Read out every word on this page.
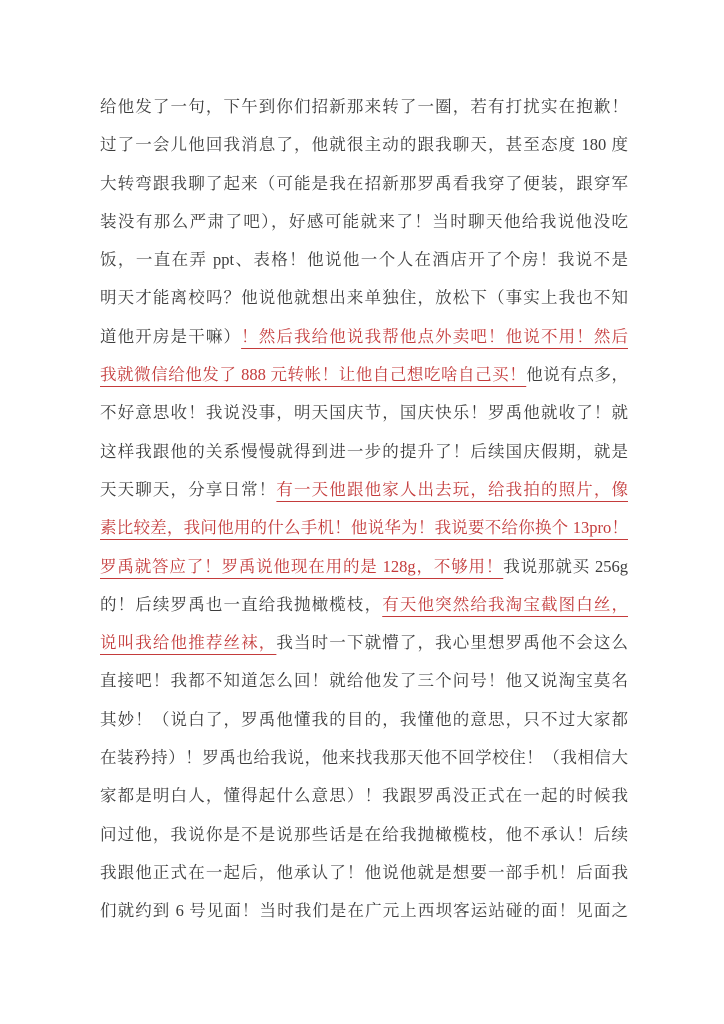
给他发了一句，下午到你们招新那来转了一圈，若有打扰实在抱歉！
过了一会儿他回我消息了，他就很主动的跟我聊天，甚至态度 180 度
大转弯跟我聊了起来（可能是我在招新那罗禹看我穿了便装，跟穿军
装没有那么严肃了吧），好感可能就来了！当时聊天他给我说他没吃
饭，一直在弄 ppt、表格！他说他一个人在酒店开了个房！我说不是
明天才能离校吗？他说他就想出来单独住，放松下（事实上我也不知
道他开房是干嘛）！然后我给他说我帮他点外卖吧！他说不用！然后
我就微信给他发了 888 元转帐！让他自己想吃啥自己买！他说有点多，
不好意思收！我说没事，明天国庆节，国庆快乐！罗禹他就收了！就
这样我跟他的关系慢慢就得到进一步的提升了！后续国庆假期，就是
天天聊天，分享日常！有一天他跟他家人出去玩，给我拍的照片，像
素比较差，我问他用的什么手机！他说华为！我说要不给你换个 13pro！
罗禹就答应了！罗禹说他现在用的是 128g，不够用！我说那就买 256g
的！后续罗禹也一直给我抛橄榄枝，有天他突然给我淘宝截图白丝，
说叫我给他推荐丝袜，我当时一下就懵了，我心里想罗禹他不会这么
直接吧！我都不知道怎么回！就给他发了三个问号！他又说淘宝莫名
其妙！（说白了，罗禹他懂我的目的，我懂他的意思，只不过大家都
在装矜持）！罗禹也给我说，他来找我那天他不回学校住！（我相信大
家都是明白人，懂得起什么意思）！我跟罗禹没正式在一起的时候我
问过他，我说你是不是说那些话是在给我抛橄榄枝，他不承认！后续
我跟他正式在一起后，他承认了！他说他就是想要一部手机！后面我
们就约到 6 号见面！当时我们是在广元上西坝客运站碰的面！见面之
